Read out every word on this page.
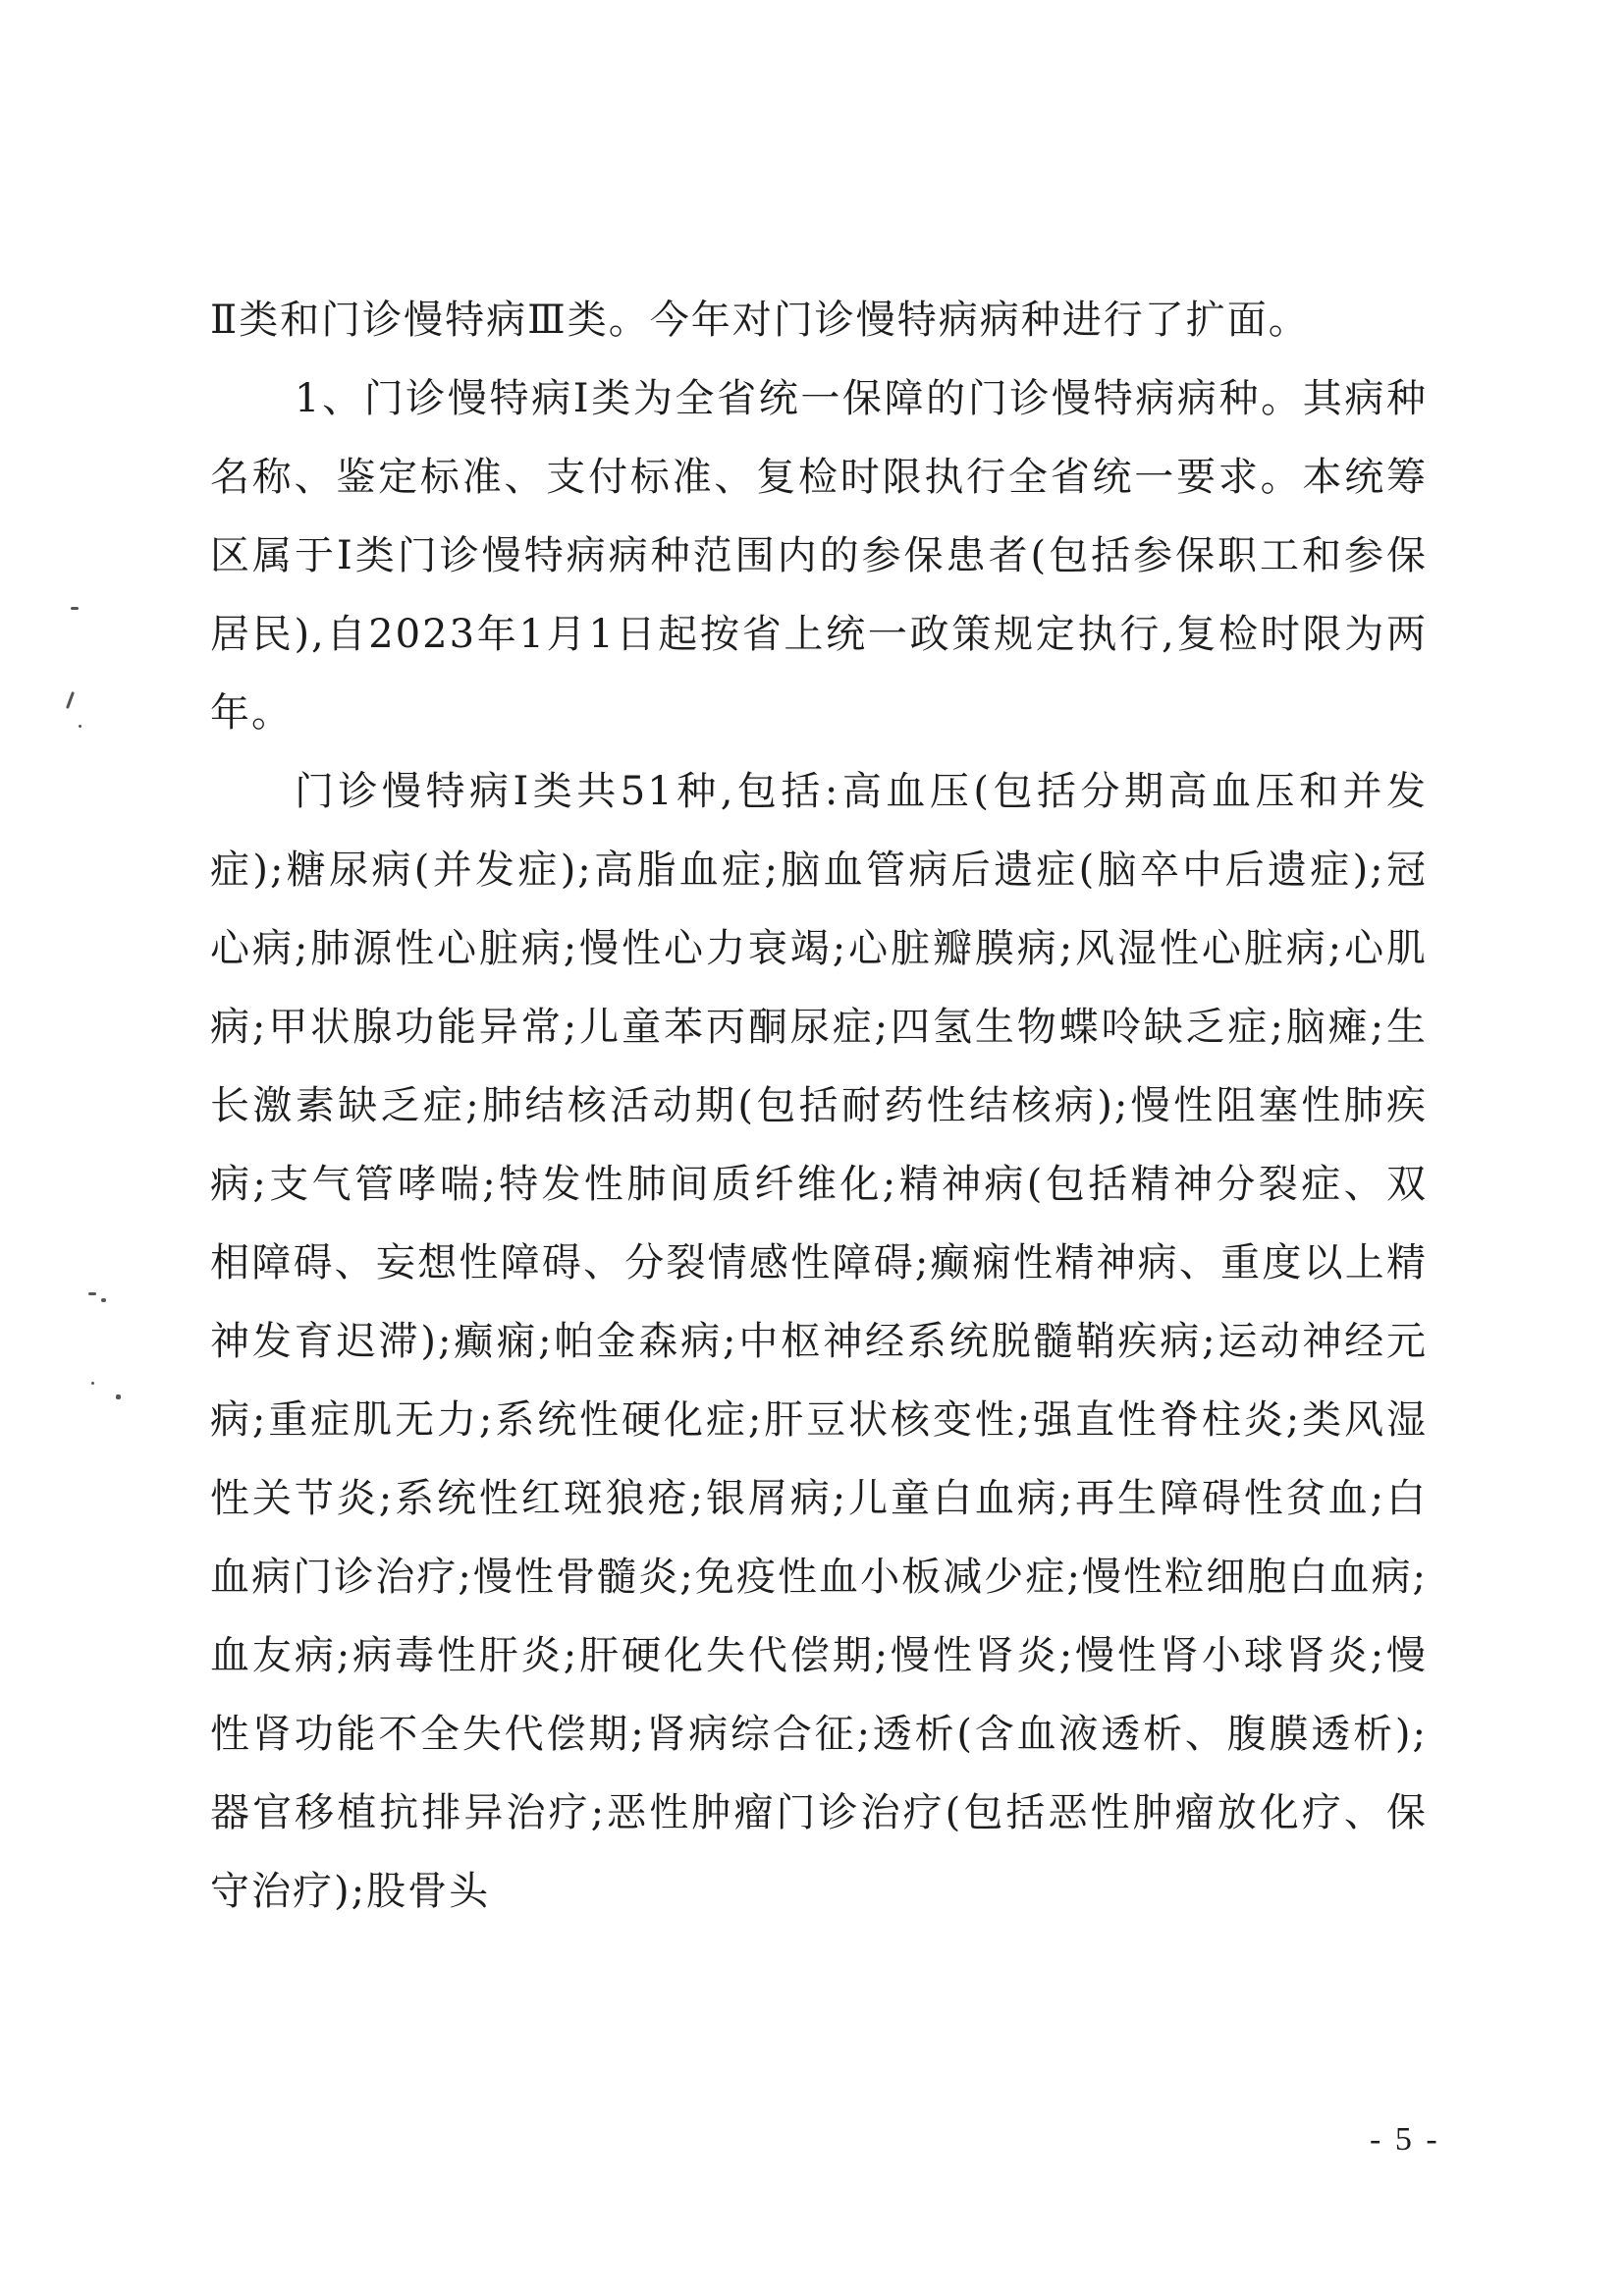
Ⅱ类和门诊慢特病Ⅲ类。今年对门诊慢特病病种进行了扩面。

1、门诊慢特病Ⅰ类为全省统一保障的门诊慢特病病种。其病种名称、鉴定标准、支付标准、复检时限执行全省统一要求。本统筹区属于Ⅰ类门诊慢特病病种范围内的参保患者(包括参保职工和参保居民),自2023年1月1日起按省上统一政策规定执行,复检时限为两年。

门诊慢特病Ⅰ类共51种,包括:高血压(包括分期高血压和并发症);糖尿病(并发症);高脂血症;脑血管病后遗症(脑卒中后遗症);冠心病;肺源性心脏病;慢性心力衰竭;心脏瓣膜病;风湿性心脏病;心肌病;甲状腺功能异常;儿童苯丙酮尿症;四氢生物蝶呤缺乏症;脑瘫;生长激素缺乏症;肺结核活动期(包括耐药性结核病);慢性阻塞性肺疾病;支气管哮喘;特发性肺间质纤维化;精神病(包括精神分裂症、双相障碍、妄想性障碍、分裂情感性障碍;癫痫性精神病、重度以上精神发育迟滞);癫痫;帕金森病;中枢神经系统脱髓鞘疾病;运动神经元病;重症肌无力;系统性硬化症;肝豆状核变性;强直性脊柱炎;类风湿性关节炎;系统性红斑狼疮;银屑病;儿童白血病;再生障碍性贫血;白血病门诊治疗;慢性骨髓炎;免疫性血小板减少症;慢性粒细胞白血病;血友病;病毒性肝炎;肝硬化失代偿期;慢性肾炎;慢性肾小球肾炎;慢性肾功能不全失代偿期;肾病综合征;透析(含血液透析、腹膜透析);器官移植抗排异治疗;恶性肿瘤门诊治疗(包括恶性肿瘤放化疗、保守治疗);股骨头

- 5 -
